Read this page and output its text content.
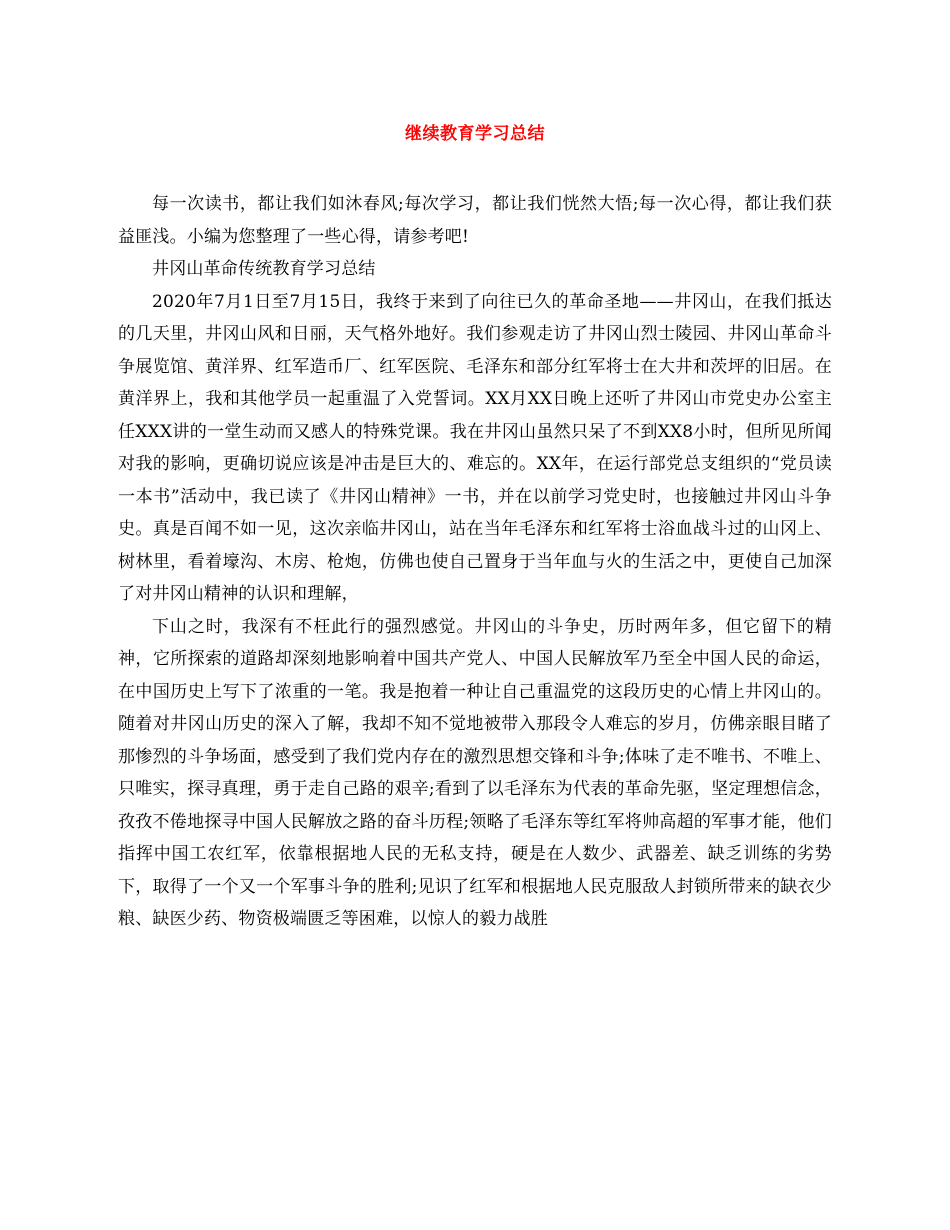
继续教育学习总结

每一次读书，都让我们如沐春风;每次学习，都让我们恍然大悟;每一次心得，都让我们获益匪浅。小编为您整理了一些心得，请参考吧!

井冈山革命传统教育学习总结

2020年7月1日至7月15日，我终于来到了向往已久的革命圣地——井冈山，在我们抵达的几天里，井冈山风和日丽，天气格外地好。我们参观走访了井冈山烈士陵园、井冈山革命斗争展览馆、黄洋界、红军造币厂、红军医院、毛泽东和部分红军将士在大井和茨坪的旧居。在黄洋界上，我和其他学员一起重温了入党誓词。XX月XX日晚上还听了井冈山市党史办公室主任XXX讲的一堂生动而又感人的特殊党课。我在井冈山虽然只呆了不到XX8小时，但所见所闻对我的影响，更确切说应该是冲击是巨大的、难忘的。XX年，在运行部党总支组织的“党员读一本书”活动中，我已读了《井冈山精神》一书，并在以前学习党史时，也接触过井冈山斗争史。真是百闻不如一见，这次亲临井冈山，站在当年毛泽东和红军将士浴血战斗过的山冈上、树林里，看着壕沟、木房、枪炮，仿佛也使自己置身于当年血与火的生活之中，更使自己加深了对井冈山精神的认识和理解，

下山之时，我深有不枉此行的强烈感觉。井冈山的斗争史，历时两年多，但它留下的精神，它所探索的道路却深刻地影响着中国共产党人、中国人民解放军乃至全中国人民的命运，在中国历史上写下了浓重的一笔。我是抱着一种让自己重温党的这段历史的心情上井冈山的。随着对井冈山历史的深入了解，我却不知不觉地被带入那段令人难忘的岁月，仿佛亲眼目睹了那惨烈的斗争场面，感受到了我们党内存在的激烈思想交锋和斗争;体味了走不唯书、不唯上、只唯实，探寻真理，勇于走自己路的艰辛;看到了以毛泽东为代表的革命先驱，坚定理想信念，孜孜不倦地探寻中国人民解放之路的奋斗历程;领略了毛泽东等红军将帅高超的军事才能，他们指挥中国工农红军，依靠根据地人民的无私支持，硬是在人数少、武器差、缺乏训练的劣势下，取得了一个又一个军事斗争的胜利;见识了红军和根据地人民克服敌人封锁所带来的缺衣少粮、缺医少药、物资极端匮乏等困难，以惊人的毅力战胜
